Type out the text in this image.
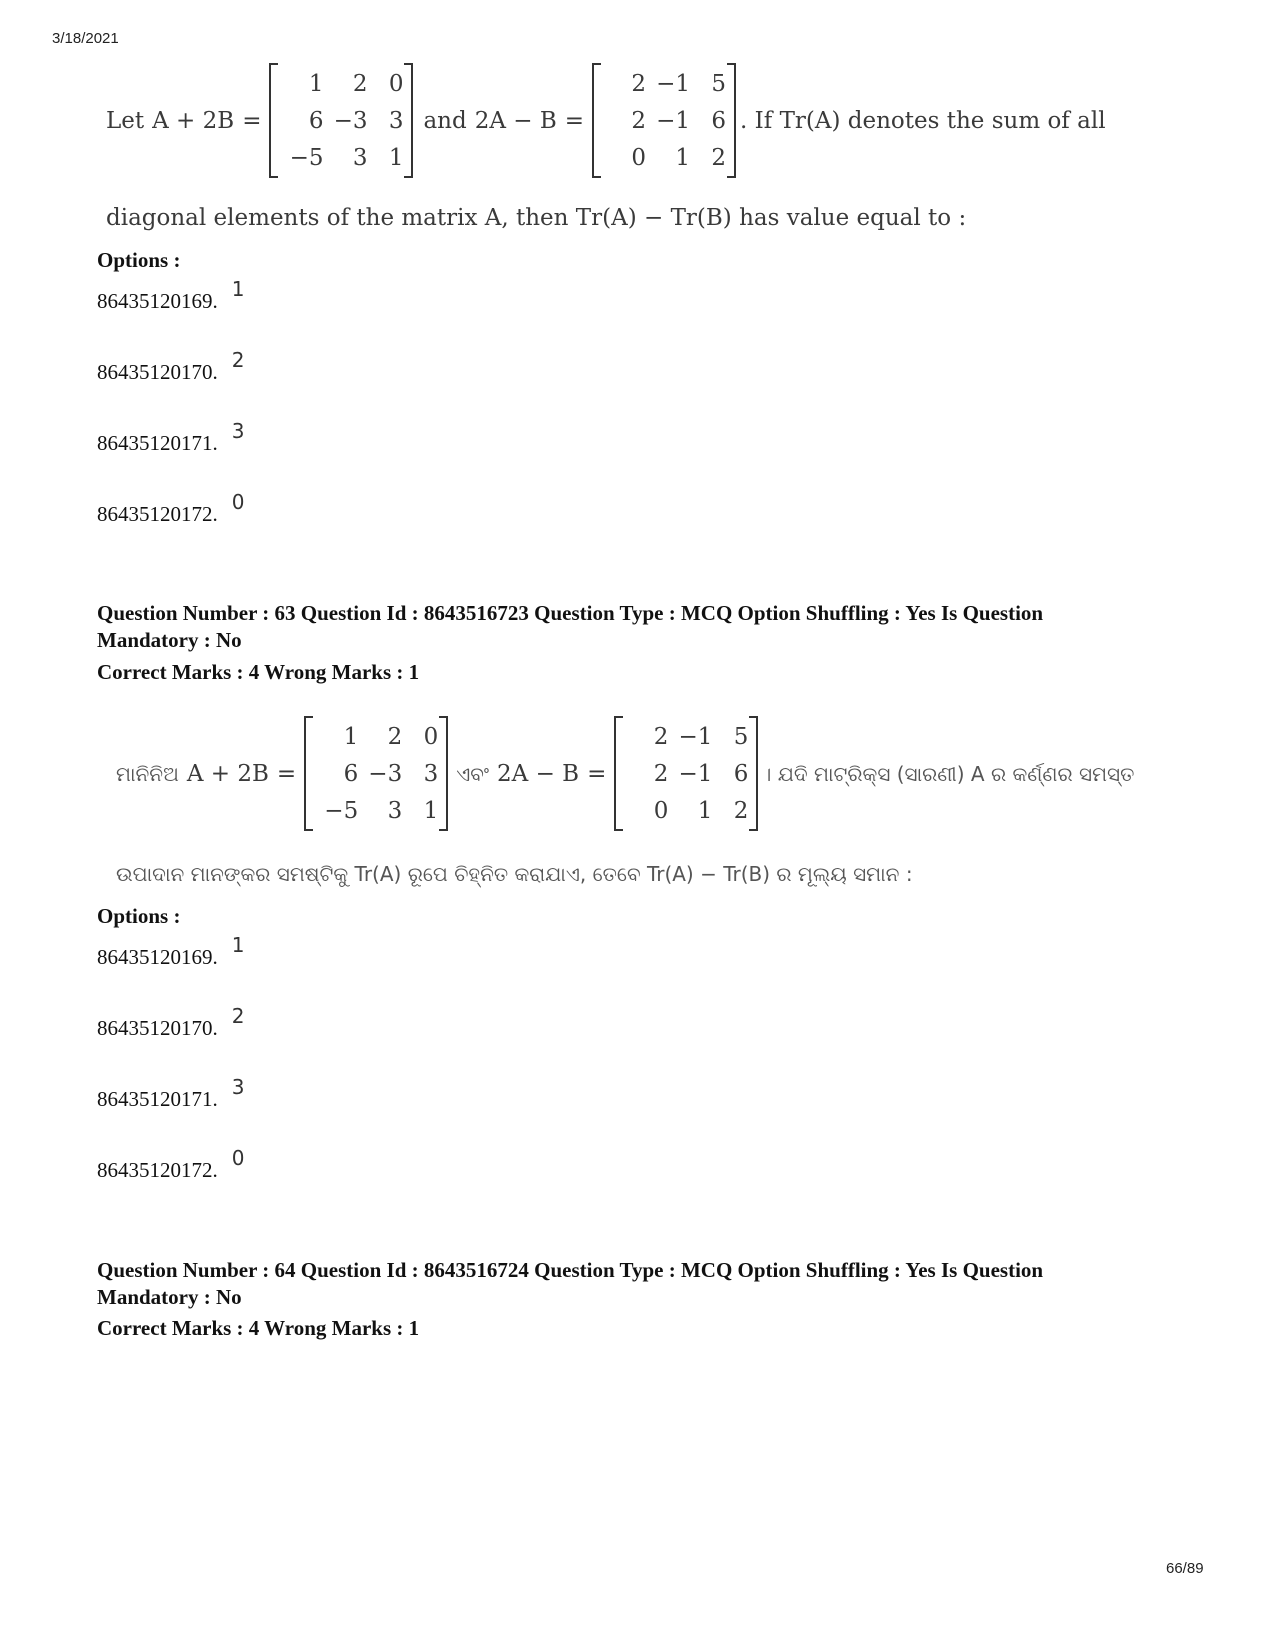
3/18/2021
Let A + 2B =
1	2 0
6 −3 3
−5	3 1
and 2A − B =
2 −1 5
2 −1 6
0	1 2
. If Tr(A) denotes the sum of all
diagonal elements of the matrix A, then Tr(A) − Tr(B) has value equal to :
Options :
86435120169. 1
86435120170. 2
86435120171. 3
86435120172. 0
Question Number : 63 Question Id : 8643516723 Question Type : MCQ Option Shuffling : Yes Is Question Mandatory : No
Correct Marks : 4 Wrong Marks : 1
ମାନିନିଅ A + 2B =
1	2 0
6 −3 3
−5	3 1
ଏବଂ 2A − B =
2 −1 5
2 −1 6
0	1 2
। ଯଦି ମାଟ୍ରିକ୍ସ (ସାରଣୀ) A ର କର୍ଣ୍ଣର ସମସ୍ତ
ଉପାଦାନ ମାନଙ୍କର ସମଷ୍ଟିକୁ Tr(A) ରୂପେ ଚିହ୍ନିତ କରାଯାଏ, ତେବେ Tr(A) − Tr(B) ର ମୂଲ୍ୟ ସମାନ :
Options :
86435120169. 1
86435120170. 2
86435120171. 3
86435120172. 0
Question Number : 64 Question Id : 8643516724 Question Type : MCQ Option Shuffling : Yes Is Question Mandatory : No
Correct Marks : 4 Wrong Marks : 1
66/89
